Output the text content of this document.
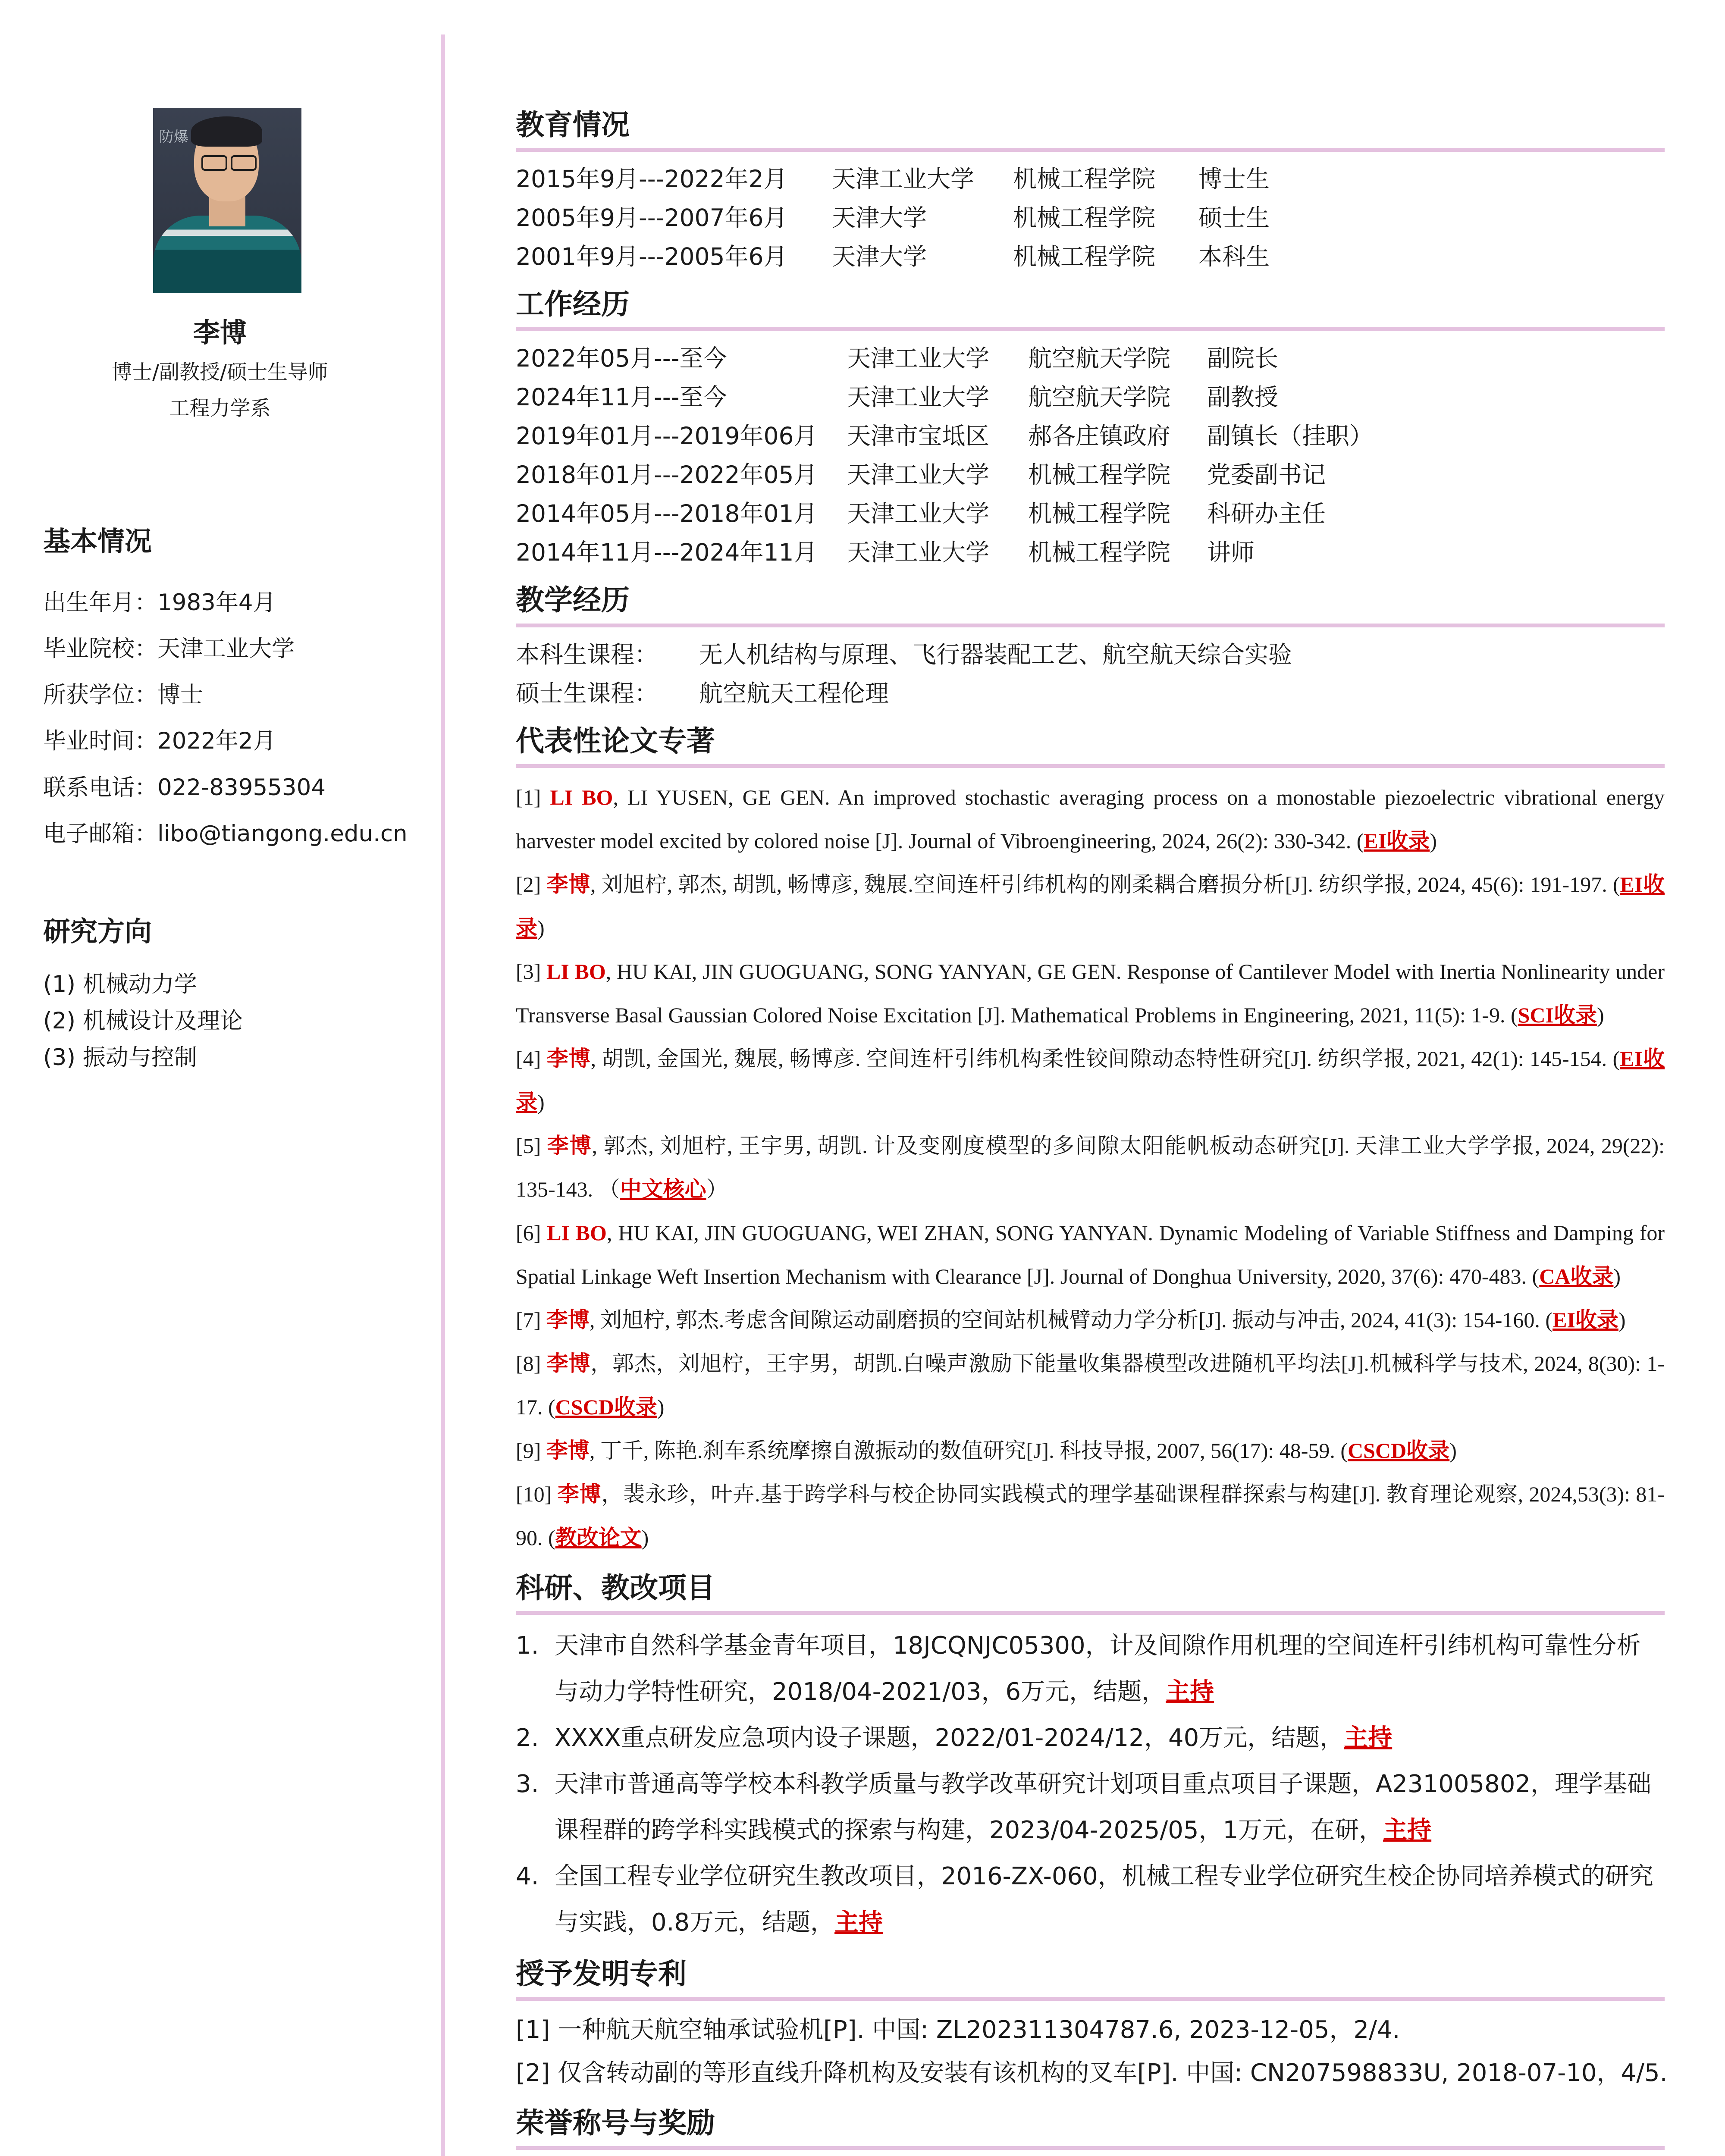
防爆
李博
博士/副教授/硕士生导师
工程力学系
基本情况
出生年月：1983年4月
毕业院校：天津工业大学
所获学位：博士
毕业时间：2022年2月
联系电话：022-83955304
电子邮箱：libo@tiangong.edu.cn
研究方向
(1) 机械动力学
(2) 机械设计及理论
(3) 振动与控制
教育情况
2015年9月---2022年2月	天津工业大学	机械工程学院	博士生
2005年9月---2007年6月	天津大学	机械工程学院	硕士生
2001年9月---2005年6月	天津大学	机械工程学院	本科生
工作经历
2022年05月---至今	天津工业大学	航空航天学院	副院长
2024年11月---至今	天津工业大学	航空航天学院	副教授
2019年01月---2019年06月	天津市宝坻区	郝各庄镇政府	副镇长（挂职）
2018年01月---2022年05月	天津工业大学	机械工程学院	党委副书记
2014年05月---2018年01月	天津工业大学	机械工程学院	科研办主任
2014年11月---2024年11月	天津工业大学	机械工程学院	讲师
教学经历
本科生课程：	无人机结构与原理、飞行器装配工艺、航空航天综合实验
硕士生课程：	航空航天工程伦理
代表性论文专著

[1] LI BO, LI YUSEN, GE GEN. An improved stochastic averaging process on a monostable piezoelectric vibrational energy harvester model excited by colored noise [J]. Journal of Vibroengineering, 2024, 26(2): 330-342. (EI收录)

[2] 李博, 刘旭柠, 郭杰, 胡凯, 畅博彦, 魏展.空间连杆引纬机构的刚柔耦合磨损分析[J]. 纺织学报, 2024, 45(6): 191-197. (EI收录)

[3] LI BO, HU KAI, JIN GUOGUANG, SONG YANYAN, GE GEN. Response of Cantilever Model with Inertia Nonlinearity under Transverse Basal Gaussian Colored Noise Excitation [J]. Mathematical Problems in Engineering, 2021, 11(5): 1-9. (SCI收录)

[4] 李博, 胡凯, 金国光, 魏展, 畅博彦. 空间连杆引纬机构柔性铰间隙动态特性研究[J]. 纺织学报, 2021, 42(1): 145-154. (EI收录)

[5] 李博, 郭杰, 刘旭柠, 王宇男, 胡凯. 计及变刚度模型的多间隙太阳能帆板动态研究[J]. 天津工业大学学报, 2024, 29(22): 135-143. （中文核心）

[6] LI BO, HU KAI, JIN GUOGUANG, WEI ZHAN, SONG YANYAN. Dynamic Modeling of Variable Stiffness and Damping for Spatial Linkage Weft Insertion Mechanism with Clearance [J]. Journal of Donghua University, 2020, 37(6): 470-483. (CA收录)

[7] 李博, 刘旭柠, 郭杰.考虑含间隙运动副磨损的空间站机械臂动力学分析[J]. 振动与冲击, 2024, 41(3): 154-160. (EI收录)

[8] 李博，郭杰，刘旭柠，王宇男，胡凯.白噪声激励下能量收集器模型改进随机平均法[J].机械科学与技术, 2024, 8(30): 1-17. (CSCD收录)

[9] 李博, 丁千, 陈艳.刹车系统摩擦自激振动的数值研究[J]. 科技导报, 2007, 56(17): 48-59. (CSCD收录)

[10] 李博，裴永珍，叶卉.基于跨学科与校企协同实践模式的理学基础课程群探索与构建[J]. 教育理论观察, 2024,53(3): 81-90. (教改论文)

科研、教改项目
1. 天津市自然科学基金青年项目，18JCQNJC05300，计及间隙作用机理的空间连杆引纬机构可靠性分析与动力学特性研究，2018/04-2021/03，6万元，结题，主持
2. XXXX重点研发应急项内设子课题，2022/01-2024/12，40万元，结题，主持
3. 天津市普通高等学校本科教学质量与教学改革研究计划项目重点项目子课题，A231005802，理学基础课程群的跨学科实践模式的探索与构建，2023/04-2025/05，1万元，在研，主持
4. 全国工程专业学位研究生教改项目，2016-ZX-060，机械工程专业学位研究生校企协同培养模式的研究与实践，0.8万元，结题，主持
授予发明专利
[1] 一种航天航空轴承试验机[P]. 中国: ZL202311304787.6, 2023-12-05，2/4.
[2] 仅含转动副的等形直线升降机构及安装有该机构的叉车[P]. 中国: CN207598833U, 2018-07-10，4/5.
荣誉称号与奖励
